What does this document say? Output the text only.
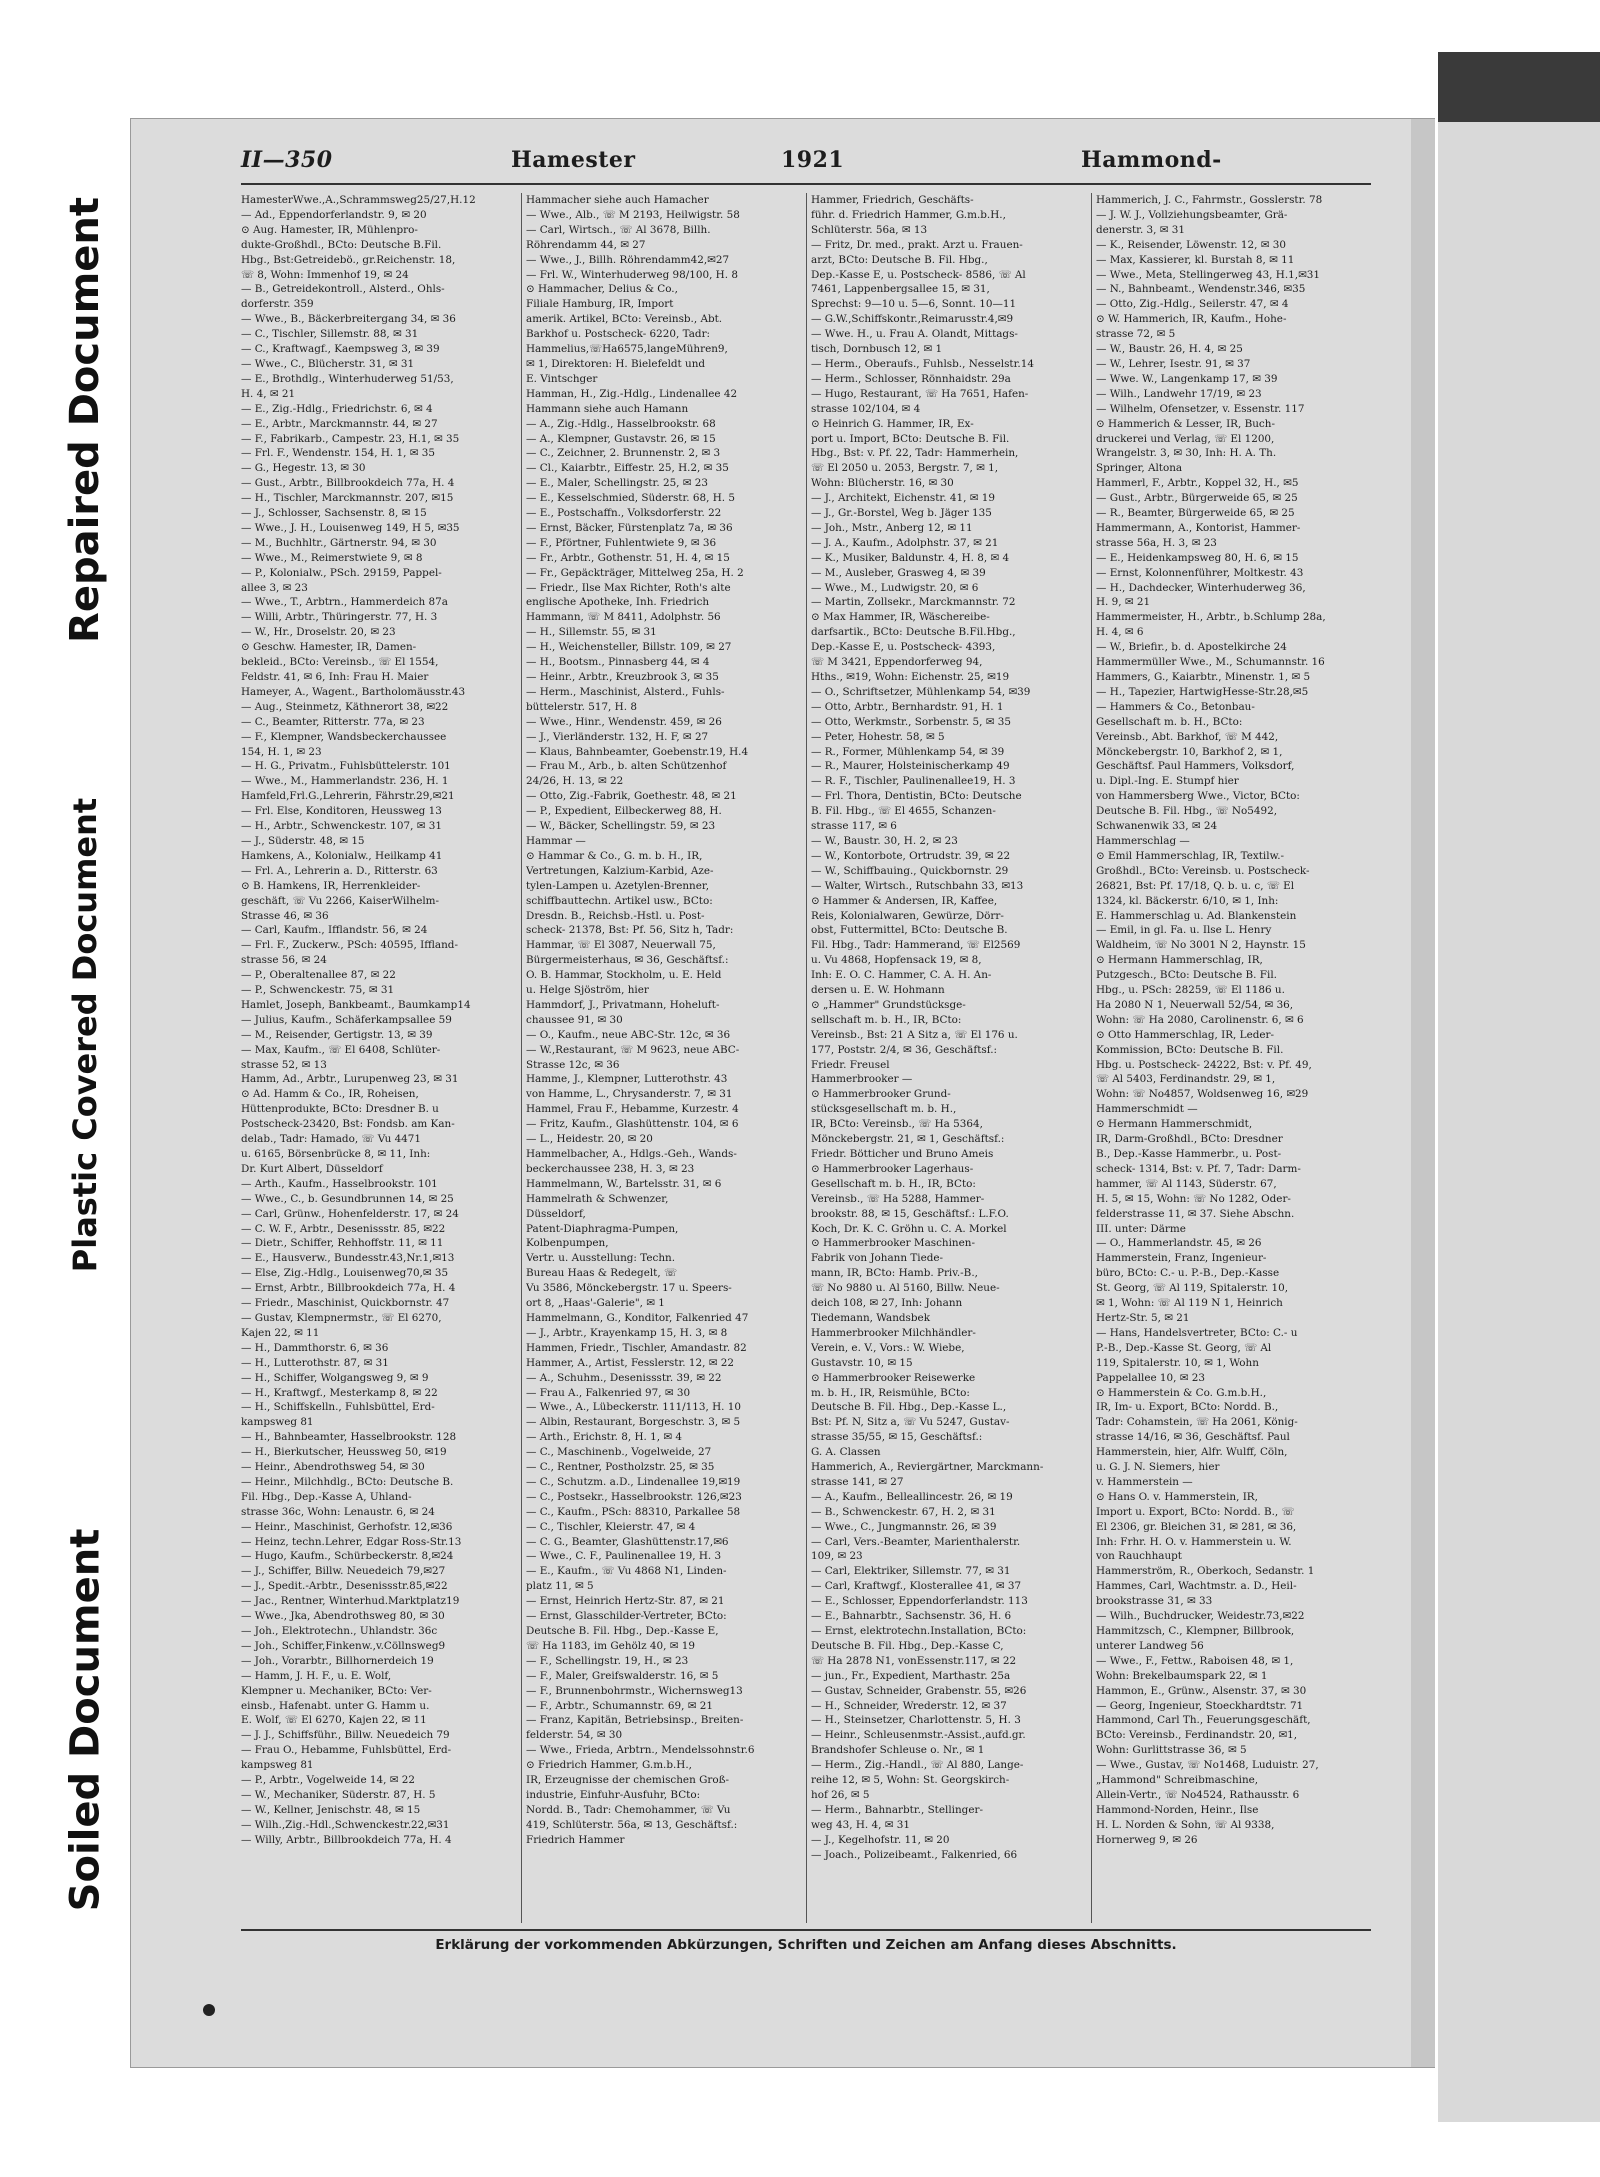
Repaired Document
Plastic Covered Document
Soiled Document
II—350	Hamester	1921	Hammond-
HamesterWwe.,A.,Schrammsweg25/27,H.12
— Ad., Eppendorferlandstr. 9, ✉ 20
⊙ Aug. Hamester, IR, Mühlenpro-
dukte-Großhdl., BCto: Deutsche B.Fil.
Hbg., Bst:Getreidebö., gr.Reichenstr. 18,
☏ 8, Wohn: Immenhof 19, ✉ 24
— B., Getreidekontroll., Alsterd., Ohls-
dorferstr. 359
— Wwe., B., Bäckerbreitergang 34, ✉ 36
— C., Tischler, Sillemstr. 88, ✉ 31
— C., Kraftwagf., Kaempsweg 3, ✉ 39
— Wwe., C., Blücherstr. 31, ✉ 31
— E., Brothdlg., Winterhuderweg 51/53,
H. 4, ✉ 21
— E., Zig.-Hdlg., Friedrichstr. 6, ✉ 4
— E., Arbtr., Marckmannstr. 44, ✉ 27
— F., Fabrikarb., Campestr. 23, H.1, ✉ 35
— Frl. F., Wendenstr. 154, H. 1, ✉ 35
— G., Hegestr. 13, ✉ 30
— Gust., Arbtr., Billbrookdeich 77a, H. 4
— H., Tischler, Marckmannstr. 207, ✉15
— J., Schlosser, Sachsenstr. 8, ✉ 15
— Wwe., J. H., Louisenweg 149, H 5, ✉35
— M., Buchhltr., Gärtnerstr. 94, ✉ 30
— Wwe., M., Reimerstwiete 9, ✉ 8
— P., Kolonialw., PSch. 29159, Pappel-
allee 3, ✉ 23
— Wwe., T., Arbtrn., Hammerdeich 87a
— Willi, Arbtr., Thüringerstr. 77, H. 3
— W., Hr., Droselstr. 20, ✉ 23
⊙ Geschw. Hamester, IR, Damen-
bekleid., BCto: Vereinsb., ☏ El 1554,
Feldstr. 41, ✉ 6, Inh: Frau H. Maier
Hameyer, A., Wagent., Bartholomäusstr.43
— Aug., Steinmetz, Käthnerort 38, ✉22
— C., Beamter, Ritterstr. 77a, ✉ 23
— F., Klempner, Wandsbeckerchaussee
154, H. 1, ✉ 23
— H. G., Privatm., Fuhlsbüttelerstr. 101
— Wwe., M., Hammerlandstr. 236, H. 1
Hamfeld,Frl.G.,Lehrerin, Fährstr.29,✉21
— Frl. Else, Konditoren, Heussweg 13
— H., Arbtr., Schwenckestr. 107, ✉ 31
— J., Süderstr. 48, ✉ 15
Hamkens, A., Kolonialw., Heilkamp 41
— Frl. A., Lehrerin a. D., Ritterstr. 63
⊙ B. Hamkens, IR, Herrenkleider-
geschäft, ☏ Vu 2266, KaiserWilhelm-
Strasse 46, ✉ 36
— Carl, Kaufm., Ifflandstr. 56, ✉ 24
— Frl. F., Zuckerw., PSch: 40595, Iffland-
strasse 56, ✉ 24
— P., Oberaltenallee 87, ✉ 22
— P., Schwenckestr. 75, ✉ 31
Hamlet, Joseph, Bankbeamt., Baumkamp14
— Julius, Kaufm., Schäferkampsallee 59
— M., Reisender, Gertigstr. 13, ✉ 39
— Max, Kaufm., ☏ El 6408, Schlüter-
strasse 52, ✉ 13
Hamm, Ad., Arbtr., Lurupenweg 23, ✉ 31
⊙ Ad. Hamm & Co., IR, Roheisen,
Hüttenprodukte, BCto: Dresdner B. u
Postscheck-23420, Bst: Fondsb. am Kan-
delab., Tadr: Hamado, ☏ Vu 4471
u. 6165, Börsenbrücke 8, ✉ 11, Inh:
Dr. Kurt Albert, Düsseldorf
— Arth., Kaufm., Hasselbrookstr. 101
— Wwe., C., b. Gesundbrunnen 14, ✉ 25
— Carl, Grünw., Hohenfelderstr. 17, ✉ 24
— C. W. F., Arbtr., Desenissstr. 85, ✉22
— Dietr., Schiffer, Rehhoffstr. 11, ✉ 11
— E., Hausverw., Bundesstr.43,Nr.1,✉13
— Else, Zig.-Hdlg., Louisenweg70,✉ 35
— Ernst, Arbtr., Billbrookdeich 77a, H. 4
— Friedr., Maschinist, Quickbornstr. 47
— Gustav, Klempnermstr., ☏ El 6270,
Kajen 22, ✉ 11
— H., Dammthorstr. 6, ✉ 36
— H., Lutterothstr. 87, ✉ 31
— H., Schiffer, Wolgangsweg 9, ✉ 9
— H., Kraftwgf., Mesterkamp 8, ✉ 22
— H., Schiffskelln., Fuhlsbüttel, Erd-
kampsweg 81
— H., Bahnbeamter, Hasselbrookstr. 128
— H., Bierkutscher, Heussweg 50, ✉19
— Heinr., Abendrothsweg 54, ✉ 30
— Heinr., Milchhdlg., BCto: Deutsche B.
Fil. Hbg., Dep.-Kasse A, Uhland-
strasse 36c, Wohn: Lenaustr. 6, ✉ 24
— Heinr., Maschinist, Gerhofstr. 12,✉36
— Heinz, techn.Lehrer, Edgar Ross-Str.13
— Hugo, Kaufm., Schürbeckerstr. 8,✉24
— J., Schiffer, Billw. Neuedeich 79,✉27
— J., Spedit.-Arbtr., Desenissstr.85,✉22
— Jac., Rentner, Winterhud.Marktplatz19
— Wwe., Jka, Abendrothsweg 80, ✉ 30
— Joh., Elektrotechn., Uhlandstr. 36c
— Joh., Schiffer,Finkenw.,v.Cöllnsweg9
— Joh., Vorarbtr., Billhornerdeich 19
— Hamm, J. H. F., u. E. Wolf,
Klempner u. Mechaniker, BCto: Ver-
einsb., Hafenabt. unter G. Hamm u.
E. Wolf, ☏ El 6270, Kajen 22, ✉ 11
— J. J., Schiffsführ., Billw. Neuedeich 79
— Frau O., Hebamme, Fuhlsbüttel, Erd-
kampsweg 81
— P., Arbtr., Vogelweide 14, ✉ 22
— W., Mechaniker, Süderstr. 87, H. 5
— W., Kellner, Jenischstr. 48, ✉ 15
— Wilh.,Zig.-Hdl.,Schwenckestr.22,✉31
— Willy, Arbtr., Billbrookdeich 77a, H. 4
Hammacher siehe auch Hamacher
— Wwe., Alb., ☏ M 2193, Heilwigstr. 58
— Carl, Wirtsch., ☏ Al 3678, Billh.
Röhrendamm 44, ✉ 27
— Wwe., J., Billh. Röhrendamm42,✉27
— Frl. W., Winterhuderweg 98/100, H. 8
⊙ Hammacher, Delius & Co.,
Filiale Hamburg, IR, Import
amerik. Artikel, BCto: Vereinsb., Abt.
Barkhof u. Postscheck- 6220, Tadr:
Hammelius,☏Ha6575,langeMühren9,
✉ 1, Direktoren: H. Bielefeldt und
E. Vintschger
Hamman, H., Zig.-Hdlg., Lindenallee 42
Hammann siehe auch Hamann
— A., Zig.-Hdlg., Hasselbrookstr. 68
— A., Klempner, Gustavstr. 26, ✉ 15
— C., Zeichner, 2. Brunnenstr. 2, ✉ 3
— Cl., Kaiarbtr., Eiffestr. 25, H.2, ✉ 35
— E., Maler, Schellingstr. 25, ✉ 23
— E., Kesselschmied, Süderstr. 68, H. 5
— E., Postschaffn., Volksdorferstr. 22
— Ernst, Bäcker, Fürstenplatz 7a, ✉ 36
— F., Pförtner, Fuhlentwiete 9, ✉ 36
— Fr., Arbtr., Gothenstr. 51, H. 4, ✉ 15
— Fr., Gepäckträger, Mittelweg 25a, H. 2
— Friedr., Ilse Max Richter, Roth's alte
englische Apotheke, Inh. Friedrich
Hammann, ☏ M 8411, Adolphstr. 56
— H., Sillemstr. 55, ✉ 31
— H., Weichensteller, Billstr. 109, ✉ 27
— H., Bootsm., Pinnasberg 44, ✉ 4
— Heinr., Arbtr., Kreuzbrook 3, ✉ 35
— Herm., Maschinist, Alsterd., Fuhls-
büttelerstr. 517, H. 8
— Wwe., Hinr., Wendenstr. 459, ✉ 26
— J., Vierländerstr. 132, H. F, ✉ 27
— Klaus, Bahnbeamter, Goebenstr.19, H.4
— Frau M., Arb., b. alten Schützenhof
24/26, H. 13, ✉ 22
— Otto, Zig.-Fabrik, Goethestr. 48, ✉ 21
— P., Expedient, Eilbeckerweg 88, H.
— W., Bäcker, Schellingstr. 59, ✉ 23
Hammar —
⊙ Hammar & Co., G. m. b. H., IR,
Vertretungen, Kalzium-Karbid, Aze-
tylen-Lampen u. Azetylen-Brenner,
schiffbauttechn. Artikel usw., BCto:
Dresdn. B., Reichsb.-Hstl. u. Post-
scheck- 21378, Bst: Pf. 56, Sitz h, Tadr:
Hammar, ☏ El 3087, Neuerwall 75,
Bürgermeisterhaus, ✉ 36, Geschäftsf.:
O. B. Hammar, Stockholm, u. E. Held
u. Helge Sjöström, hier
Hammdorf, J., Privatmann, Hoheluft-
chaussee 91, ✉ 30
— O., Kaufm., neue ABC-Str. 12c, ✉ 36
— W.,Restaurant, ☏ M 9623, neue ABC-
Strasse 12c, ✉ 36
Hamme, J., Klempner, Lutterothstr. 43
von Hamme, L., Chrysanderstr. 7, ✉ 31
Hammel, Frau F., Hebamme, Kurzestr. 4
— Fritz, Kaufm., Glashüttenstr. 104, ✉ 6
— L., Heidestr. 20, ✉ 20
Hammelbacher, A., Hdlgs.-Geh., Wands-
beckerchaussee 238, H. 3, ✉ 23
Hammelmann, W., Bartelsstr. 31, ✉ 6
Hammelrath & Schwenzer,
Düsseldorf,
Patent-Diaphragma-Pumpen,
Kolbenpumpen,
Vertr. u. Ausstellung: Techn.
Bureau Haas & Redegelt, ☏
Vu 3586, Mönckebergstr. 17 u. Speers-
ort 8, „Haas'-Galerie", ✉ 1
Hammelmann, G., Konditor, Falkenried 47
— J., Arbtr., Krayenkamp 15, H. 3, ✉ 8
Hammen, Friedr., Tischler, Amandastr. 82
Hammer, A., Artist, Fesslerstr. 12, ✉ 22
— A., Schuhm., Desenissstr. 39, ✉ 22
— Frau A., Falkenried 97, ✉ 30
— Wwe., A., Lübeckerstr. 111/113, H. 10
— Albin, Restaurant, Borgeschstr. 3, ✉ 5
— Arth., Erichstr. 8, H. 1, ✉ 4
— C., Maschinenb., Vogelweide, 27
— C., Rentner, Postholzstr. 25, ✉ 35
— C., Schutzm. a.D., Lindenallee 19,✉19
— C., Postsekr., Hasselbrookstr. 126,✉23
— C., Kaufm., PSch: 88310, Parkallee 58
— C., Tischler, Kleierstr. 47, ✉ 4
— C. G., Beamter, Glashüttenstr.17,✉6
— Wwe., C. F., Paulinenallee 19, H. 3
— E., Kaufm., ☏ Vu 4868 N1, Linden-
platz 11, ✉ 5
— Ernst, Heinrich Hertz-Str. 87, ✉ 21
— Ernst, Glasschilder-Vertreter, BCto:
Deutsche B. Fil. Hbg., Dep.-Kasse E,
☏ Ha 1183, im Gehölz 40, ✉ 19
— F., Schellingstr. 19, H., ✉ 23
— F., Maler, Greifswalderstr. 16, ✉ 5
— F., Brunnenbohrmstr., Wichernsweg13
— F., Arbtr., Schumannstr. 69, ✉ 21
— Franz, Kapitän, Betriebsinsp., Breiten-
felderstr. 54, ✉ 30
— Wwe., Frieda, Arbtrn., Mendelssohnstr.6
⊙ Friedrich Hammer, G.m.b.H.,
IR, Erzeugnisse der chemischen Groß-
industrie, Einfuhr-Ausfuhr, BCto:
Nordd. B., Tadr: Chemohammer, ☏ Vu
419, Schlüterstr. 56a, ✉ 13, Geschäftsf.:
Friedrich Hammer
Hammer, Friedrich, Geschäfts-
führ. d. Friedrich Hammer, G.m.b.H.,
Schlüterstr. 56a, ✉ 13
— Fritz, Dr. med., prakt. Arzt u. Frauen-
arzt, BCto: Deutsche B. Fil. Hbg.,
Dep.-Kasse E, u. Postscheck- 8586, ☏ Al
7461, Lappenbergsallee 15, ✉ 31,
Sprechst: 9—10 u. 5—6, Sonnt. 10—11
— G.W.,Schiffskontr.,Reimarusstr.4,✉9
— Wwe. H., u. Frau A. Olandt, Mittags-
tisch, Dornbusch 12, ✉ 1
— Herm., Oberaufs., Fuhlsb., Nesselstr.14
— Herm., Schlosser, Rönnhaidstr. 29a
— Hugo, Restaurant, ☏ Ha 7651, Hafen-
strasse 102/104, ✉ 4
⊙ Heinrich G. Hammer, IR, Ex-
port u. Import, BCto: Deutsche B. Fil.
Hbg., Bst: v. Pf. 22, Tadr: Hammerhein,
☏ El 2050 u. 2053, Bergstr. 7, ✉ 1,
Wohn: Blücherstr. 16, ✉ 30
— J., Architekt, Eichenstr. 41, ✉ 19
— J., Gr.-Borstel, Weg b. Jäger 135
— Joh., Mstr., Anberg 12, ✉ 11
— J. A., Kaufm., Adolphstr. 37, ✉ 21
— K., Musiker, Baldunstr. 4, H. 8, ✉ 4
— M., Ausleber, Grasweg 4, ✉ 39
— Wwe., M., Ludwigstr. 20, ✉ 6
— Martin, Zollsekr., Marckmannstr. 72
⊙ Max Hammer, IR, Wäschereibe-
darfsartik., BCto: Deutsche B.Fil.Hbg.,
Dep.-Kasse E, u. Postscheck- 4393,
☏ M 3421, Eppendorferweg 94,
Hths., ✉19, Wohn: Eichenstr. 25, ✉19
— O., Schriftsetzer, Mühlenkamp 54, ✉39
— Otto, Arbtr., Bernhardstr. 91, H. 1
— Otto, Werkmstr., Sorbenstr. 5, ✉ 35
— Peter, Hohestr. 58, ✉ 5
— R., Former, Mühlenkamp 54, ✉ 39
— R., Maurer, Holsteinischerkamp 49
— R. F., Tischler, Paulinenallee19, H. 3
— Frl. Thora, Dentistin, BCto: Deutsche
B. Fil. Hbg., ☏ El 4655, Schanzen-
strasse 117, ✉ 6
— W., Baustr. 30, H. 2, ✉ 23
— W., Kontorbote, Ortrudstr. 39, ✉ 22
— W., Schiffbauing., Quickbornstr. 29
— Walter, Wirtsch., Rutschbahn 33, ✉13
⊙ Hammer & Andersen, IR, Kaffee,
Reis, Kolonialwaren, Gewürze, Dörr-
obst, Futtermittel, BCto: Deutsche B.
Fil. Hbg., Tadr: Hammerand, ☏ El2569
u. Vu 4868, Hopfensack 19, ✉ 8,
Inh: E. O. C. Hammer, C. A. H. An-
dersen u. E. W. Hohmann
⊙ „Hammer" Grundstücksge-
sellschaft m. b. H., IR, BCto:
Vereinsb., Bst: 21 A Sitz a, ☏ El 176 u.
177, Poststr. 2/4, ✉ 36, Geschäftsf.:
Friedr. Freusel
Hammerbrooker —
⊙ Hammerbrooker Grund-
stücksgesellschaft m. b. H.,
IR, BCto: Vereinsb., ☏ Ha 5364,
Mönckebergstr. 21, ✉ 1, Geschäftsf.:
Friedr. Bötticher und Bruno Ameis
⊙ Hammerbrooker Lagerhaus-
Gesellschaft m. b. H., IR, BCto:
Vereinsb., ☏ Ha 5288, Hammer-
brookstr. 88, ✉ 15, Geschäftsf.: L.F.O.
Koch, Dr. K. C. Gröhn u. C. A. Morkel
⊙ Hammerbrooker Maschinen-
Fabrik von Johann Tiede-
mann, IR, BCto: Hamb. Priv.-B.,
☏ No 9880 u. Al 5160, Billw. Neue-
deich 108, ✉ 27, Inh: Johann
Tiedemann, Wandsbek
Hammerbrooker Milchhändler-
Verein, e. V., Vors.: W. Wiebe,
Gustavstr. 10, ✉ 15
⊙ Hammerbrooker Reisewerke
m. b. H., IR, Reismühle, BCto:
Deutsche B. Fil. Hbg., Dep.-Kasse L.,
Bst: Pf. N, Sitz a, ☏ Vu 5247, Gustav-
strasse 35/55, ✉ 15, Geschäftsf.:
G. A. Classen
Hammerich, A., Reviergärtner, Marckmann-
strasse 141, ✉ 27
— A., Kaufm., Belleallincestr. 26, ✉ 19
— B., Schwenckestr. 67, H. 2, ✉ 31
— Wwe., C., Jungmannstr. 26, ✉ 39
— Carl, Vers.-Beamter, Marienthalerstr.
109, ✉ 23
— Carl, Elektriker, Sillemstr. 77, ✉ 31
— Carl, Kraftwgf., Klosterallee 41, ✉ 37
— E., Schlosser, Eppendorferlandstr. 113
— E., Bahnarbtr., Sachsenstr. 36, H. 6
— Ernst, elektrotechn.Installation, BCto:
Deutsche B. Fil. Hbg., Dep.-Kasse C,
☏ Ha 2878 N1, vonEssenstr.117, ✉ 22
— jun., Fr., Expedient, Marthastr. 25a
— Gustav, Schneider, Grabenstr. 55, ✉26
— H., Schneider, Wrederstr. 12, ✉ 37
— H., Steinsetzer, Charlottenstr. 5, H. 3
— Heinr., Schleusenmstr.-Assist.,aufd.gr.
Brandshofer Schleuse o. Nr., ✉ 1
— Herm., Zig.-Handl., ☏ Al 880, Lange-
reihe 12, ✉ 5, Wohn: St. Georgskirch-
hof 26, ✉ 5
— Herm., Bahnarbtr., Stellinger-
weg 43, H. 4, ✉ 31
— J., Kegelhofstr. 11, ✉ 20
— Joach., Polizeibeamt., Falkenried, 66
Hammerich, J. C., Fahrmstr., Gosslerstr. 78
— J. W. J., Vollziehungsbeamter, Grä-
denerstr. 3, ✉ 31
— K., Reisender, Löwenstr. 12, ✉ 30
— Max, Kassierer, kl. Burstah 8, ✉ 11
— Wwe., Meta, Stellingerweg 43, H.1,✉31
— N., Bahnbeamt., Wendenstr.346, ✉35
— Otto, Zig.-Hdlg., Seilerstr. 47, ✉ 4
⊙ W. Hammerich, IR, Kaufm., Hohe-
strasse 72, ✉ 5
— W., Baustr. 26, H. 4, ✉ 25
— W., Lehrer, Isestr. 91, ✉ 37
— Wwe. W., Langenkamp 17, ✉ 39
— Wilh., Landwehr 17/19, ✉ 23
— Wilhelm, Ofensetzer, v. Essenstr. 117
⊙ Hammerich & Lesser, IR, Buch-
druckerei und Verlag, ☏ El 1200,
Wrangelstr. 3, ✉ 30, Inh: H. A. Th.
Springer, Altona
Hammerl, F., Arbtr., Koppel 32, H., ✉5
— Gust., Arbtr., Bürgerweide 65, ✉ 25
— R., Beamter, Bürgerweide 65, ✉ 25
Hammermann, A., Kontorist, Hammer-
strasse 56a, H. 3, ✉ 23
— E., Heidenkampsweg 80, H. 6, ✉ 15
— Ernst, Kolonnenführer, Moltkestr. 43
— H., Dachdecker, Winterhuderweg 36,
H. 9, ✉ 21
Hammermeister, H., Arbtr., b.Schlump 28a,
H. 4, ✉ 6
— W., Briefir., b. d. Apostelkirche 24
Hammermüller Wwe., M., Schumannstr. 16
Hammers, G., Kaiarbtr., Minenstr. 1, ✉ 5
— H., Tapezier, HartwigHesse-Str.28,✉5
— Hammers & Co., Betonbau-
Gesellschaft m. b. H., BCto:
Vereinsb., Abt. Barkhof, ☏ M 442,
Mönckebergstr. 10, Barkhof 2, ✉ 1,
Geschäftsf. Paul Hammers, Volksdorf,
u. Dipl.-Ing. E. Stumpf hier
von Hammersberg Wwe., Victor, BCto:
Deutsche B. Fil. Hbg., ☏ No5492,
Schwanenwik 33, ✉ 24
Hammerschlag —
⊙ Emil Hammerschlag, IR, Textilw.-
Großhdl., BCto: Vereinsb. u. Postscheck-
26821, Bst: Pf. 17/18, Q. b. u. c, ☏ El
1324, kl. Bäckerstr. 6/10, ✉ 1, Inh:
E. Hammerschlag u. Ad. Blankenstein
— Emil, in gl. Fa. u. Ilse L. Henry
Waldheim, ☏ No 3001 N 2, Haynstr. 15
⊙ Hermann Hammerschlag, IR,
Putzgesch., BCto: Deutsche B. Fil.
Hbg., u. PSch: 28259, ☏ El 1186 u.
Ha 2080 N 1, Neuerwall 52/54, ✉ 36,
Wohn: ☏ Ha 2080, Carolinenstr. 6, ✉ 6
⊙ Otto Hammerschlag, IR, Leder-
Kommission, BCto: Deutsche B. Fil.
Hbg. u. Postscheck- 24222, Bst: v. Pf. 49,
☏ Al 5403, Ferdinandstr. 29, ✉ 1,
Wohn: ☏ No4857, Woldsenweg 16, ✉29
Hammerschmidt —
⊙ Hermann Hammerschmidt,
IR, Darm-Großhdl., BCto: Dresdner
B., Dep.-Kasse Hammerbr., u. Post-
scheck- 1314, Bst: v. Pf. 7, Tadr: Darm-
hammer, ☏ Al 1143, Süderstr. 67,
H. 5, ✉ 15, Wohn: ☏ No 1282, Oder-
felderstrasse 11, ✉ 37. Siehe Abschn.
III. unter: Därme
— O., Hammerlandstr. 45, ✉ 26
Hammerstein, Franz, Ingenieur-
büro, BCto: C.- u. P.-B., Dep.-Kasse
St. Georg, ☏ Al 119, Spitalerstr. 10,
✉ 1, Wohn: ☏ Al 119 N 1, Heinrich
Hertz-Str. 5, ✉ 21
— Hans, Handelsvertreter, BCto: C.- u
P.-B., Dep.-Kasse St. Georg, ☏ Al
119, Spitalerstr. 10, ✉ 1, Wohn
Pappelallee 10, ✉ 23
⊙ Hammerstein & Co. G.m.b.H.,
IR, Im- u. Export, BCto: Nordd. B.,
Tadr: Cohamstein, ☏ Ha 2061, König-
strasse 14/16, ✉ 36, Geschäftsf. Paul
Hammerstein, hier, Alfr. Wulff, Cöln,
u. G. J. N. Siemers, hier
v. Hammerstein —
⊙ Hans O. v. Hammerstein, IR,
Import u. Export, BCto: Nordd. B., ☏
El 2306, gr. Bleichen 31, ✉ 281, ✉ 36,
Inh: Frhr. H. O. v. Hammerstein u. W.
von Rauchhaupt
Hammerström, R., Oberkoch, Sedanstr. 1
Hammes, Carl, Wachtmstr. a. D., Heil-
brookstrasse 31, ✉ 33
— Wilh., Buchdrucker, Weidestr.73,✉22
Hammitzsch, C., Klempner, Billbrook,
unterer Landweg 56
— Wwe., F., Fettw., Raboisen 48, ✉ 1,
Wohn: Brekelbaumspark 22, ✉ 1
Hammon, E., Grünw., Alsenstr. 37, ✉ 30
— Georg, Ingenieur, Stoeckhardtstr. 71
Hammond, Carl Th., Feuerungsgeschäft,
BCto: Vereinsb., Ferdinandstr. 20, ✉1,
Wohn: Gurlittstrasse 36, ✉ 5
— Wwe., Gustav, ☏ No1468, Luduistr. 27,
„Hammond" Schreibmaschine,
Allein-Vertr., ☏ No4524, Rathausstr. 6
Hammond-Norden, Heinr., Ilse
H. L. Norden & Sohn, ☏ Al 9338,
Hornerweg 9, ✉ 26
Erklärung der vorkommenden Abkürzungen, Schriften und Zeichen am Anfang dieses Abschnitts.
